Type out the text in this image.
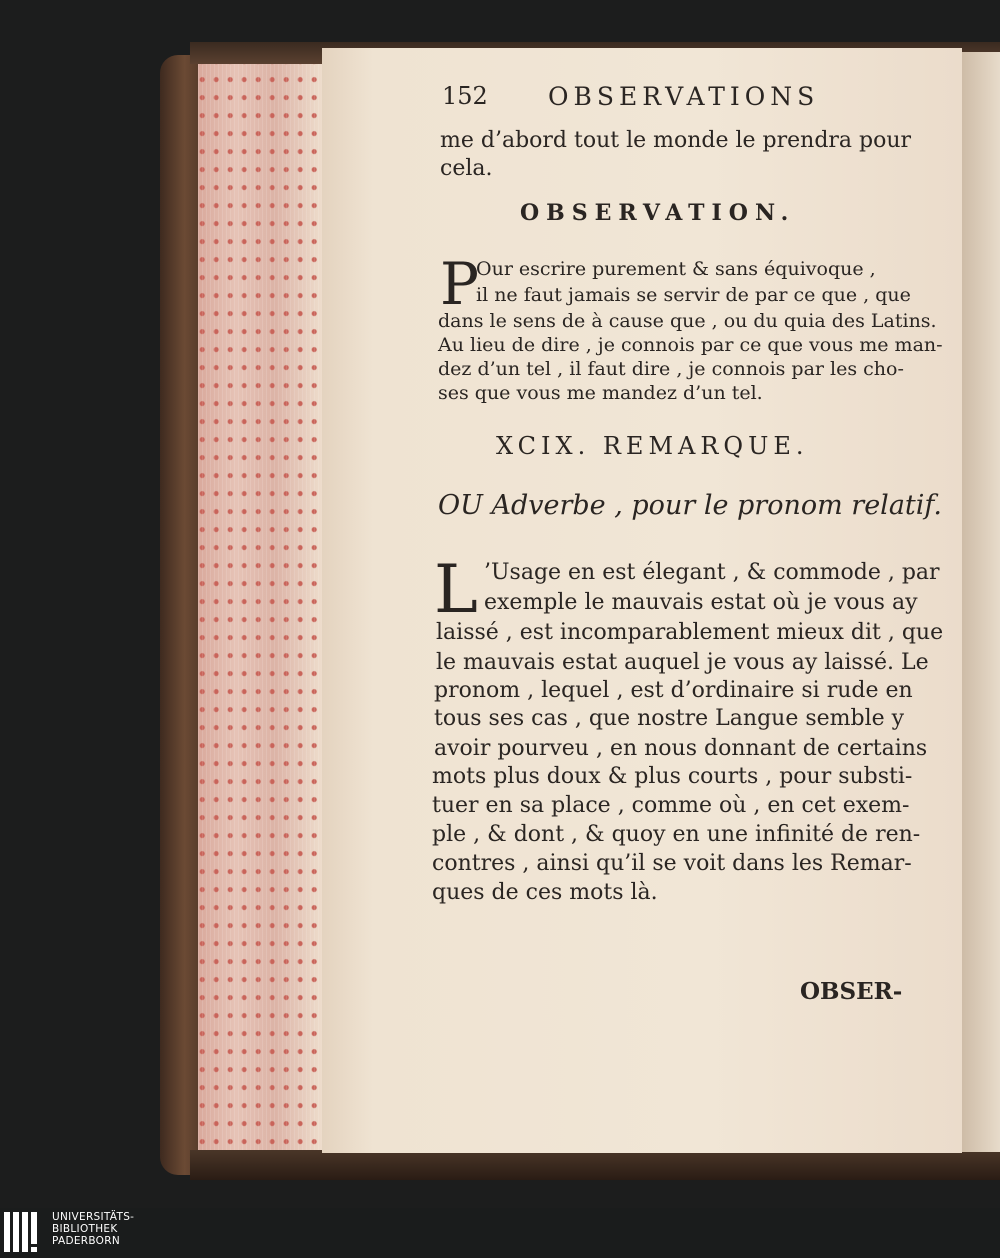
152 OBSERVATIONS
me d’abord tout le monde le prendra pour
cela.
OBSERVATION.
P
Our escrire purement & sans équivoque ,
il ne faut jamais se servir de par ce que , que
dans le sens de à cause que , ou du quia des Latins.
Au lieu de dire , je connois par ce que vous me man-
dez d’un tel , il faut dire , je connois par les cho-
ses que vous me mandez d’un tel.
XCIX. REMARQUE.
OU Adverbe , pour le pronom relatif.
L ’Usage en est élegant , & commode , par
exemple le mauvais estat où je vous ay
laissé , est incomparablement mieux dit , que
le mauvais estat auquel je vous ay laissé. Le
pronom , lequel , est d’ordinaire si rude en
tous ses cas , que nostre Langue semble y
avoir pourveu , en nous donnant de certains
mots plus doux & plus courts , pour substi-
tuer en sa place , comme où , en cet exem-
ple , & dont , & quoy en une infinité de ren-
contres , ainsi qu’il se voit dans les Remar-
ques de ces mots là.
OBSER-
UNIVERSITÄTS-
BIBLIOTHEK
PADERBORN
